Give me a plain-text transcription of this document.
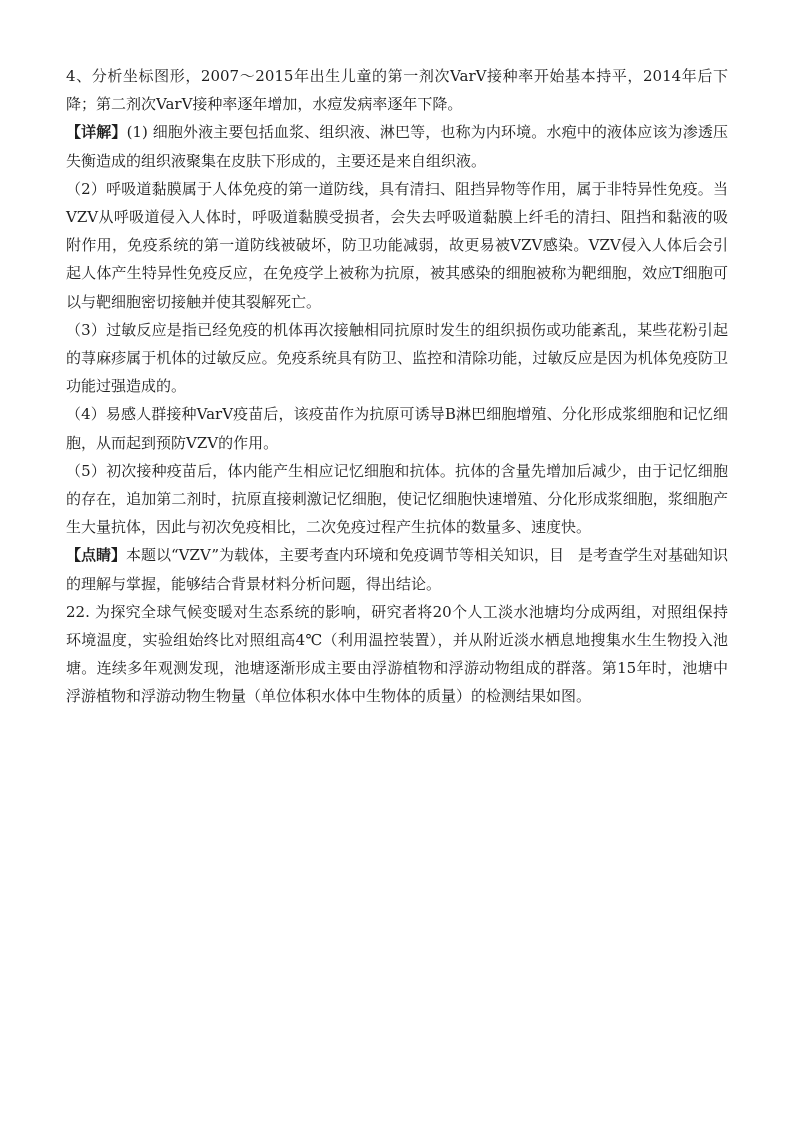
4、分析坐标图形，2007～2015年出生儿童的第一剂次VarV接种率开始基本持平，2014年后下降；第二剂次VarV接种率逐年增加，水痘发病率逐年下降。

【详解】(1) 细胞外液主要包括血浆、组织液、淋巴等，也称为内环境。水疱中的液体应该为渗透压失衡造成的组织液聚集在皮肤下形成的，主要还是来自组织液。

（2）呼吸道黏膜属于人体免疫的第一道防线，具有清扫、阻挡异物等作用，属于非特异性免疫。当VZV从呼吸道侵入人体时，呼吸道黏膜受损者，会失去呼吸道黏膜上纤毛的清扫、阻挡和黏液的吸附作用，免疫系统的第一道防线被破坏，防卫功能减弱，故更易被VZV感染。VZV侵入人体后会引起人体产生特异性免疫反应，在免疫学上被称为抗原，被其感染的细胞被称为靶细胞，效应T细胞可以与靶细胞密切接触并使其裂解死亡。

（3）过敏反应是指已经免疫的机体再次接触相同抗原时发生的组织损伤或功能紊乱，某些花粉引起的荨麻疹属于机体的过敏反应。免疫系统具有防卫、监控和清除功能，过敏反应是因为机体免疫防卫功能过强造成的。

（4）易感人群接种VarV疫苗后，该疫苗作为抗原可诱导B淋巴细胞增殖、分化形成浆细胞和记忆细胞，从而起到预防VZV的作用。

（5）初次接种疫苗后，体内能产生相应记忆细胞和抗体。抗体的含量先增加后减少，由于记忆细胞的存在，追加第二剂时，抗原直接刺激记忆细胞，使记忆细胞快速增殖、分化形成浆细胞，浆细胞产生大量抗体，因此与初次免疫相比，二次免疫过程产生抗体的数量多、速度快。

【点睛】本题以“VZV”为载体，主要考查内环境和免疫调节等相关知识，目 是考查学生对基础知识的理解与掌握，能够结合背景材料分析问题，得出结论。

22. 为探究全球气候变暖对生态系统的影响，研究者将20个人工淡水池塘均分成两组，对照组保持环境温度，实验组始终比对照组高4℃（利用温控装置），并从附近淡水栖息地搜集水生生物投入池塘。连续多年观测发现，池塘逐渐形成主要由浮游植物和浮游动物组成的群落。第15年时，池塘中浮游植物和浮游动物生物量（单位体积水体中生物体的质量）的检测结果如图。
